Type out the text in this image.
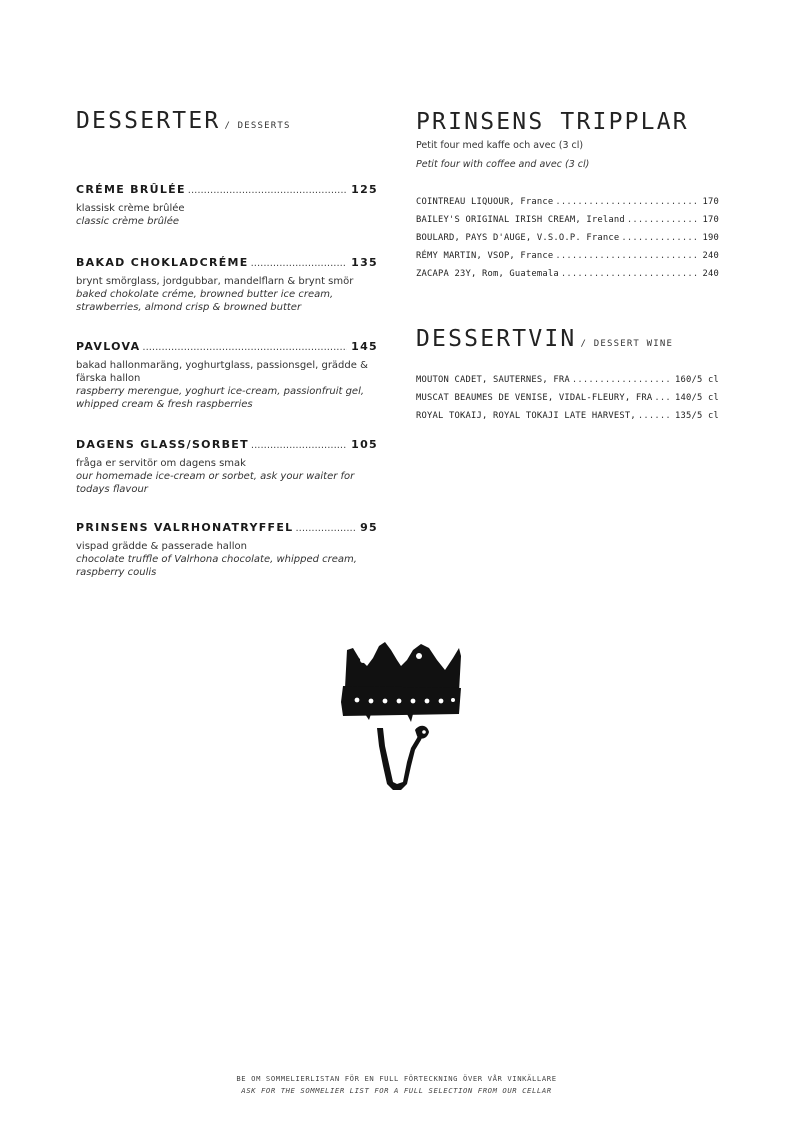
DESSERTER / DESSERTS
CRÉME BRÛLÉE .....	125
klassisk crème brûlée
classic crème brûlée
BAKAD CHOKLADCRÉME .....	135
brynt smörglass, jordgubbar, mandelflarn & brynt smör
baked chokolate créme, browned butter ice cream, strawberries, almond crisp & browned butter
PAVLOVA .....	145
bakad hallonmaräng, yoghurtglass, passionsgel, grädde & färska hallon
raspberry merengue, yoghurt ice-cream, passionfruit gel, whipped cream & fresh raspberries
DAGENS GLASS/SORBET .....	105
fråga er servitör om dagens smak
our homemade ice-cream or sorbet, ask your waiter for todays flavour
PRINSENS VALRHONATRYFFEL .....	95
vispad grädde & passerade hallon
chocolate truffle of Valrhona chocolate, whipped cream, raspberry coulis
PRINSENS TRIPPLAR
Petit four med kaffe och avec (3 cl)
Petit four with coffee and avec (3 cl)
COINTREAU LIQUOUR, France .....	170
BAILEY'S ORIGINAL IRISH CREAM, Ireland .....	170
BOULARD, PAYS D'AUGE, V.S.O.P. France .....	190
RÉMY MARTIN, VSOP, France .....	240
ZACAPA 23Y, Rom, Guatemala .....	240
DESSERTVIN / DESSERT WINE
MOUTON CADET, SAUTERNES, FRA .....	160/5 cl
MUSCAT BEAUMES DE VENISE, VIDAL-FLEURY, FRA .....	140/5 cl
ROYAL TOKAIJ, ROYAL TOKAJI LATE HARVEST, .....	135/5 cl
BE OM SOMMELIERLISTAN FÖR EN FULL FÖRTECKNING ÖVER VÅR VINKÄLLARE
ASK FOR THE SOMMELIER LIST FOR A FULL SELECTION FROM OUR CELLAR
